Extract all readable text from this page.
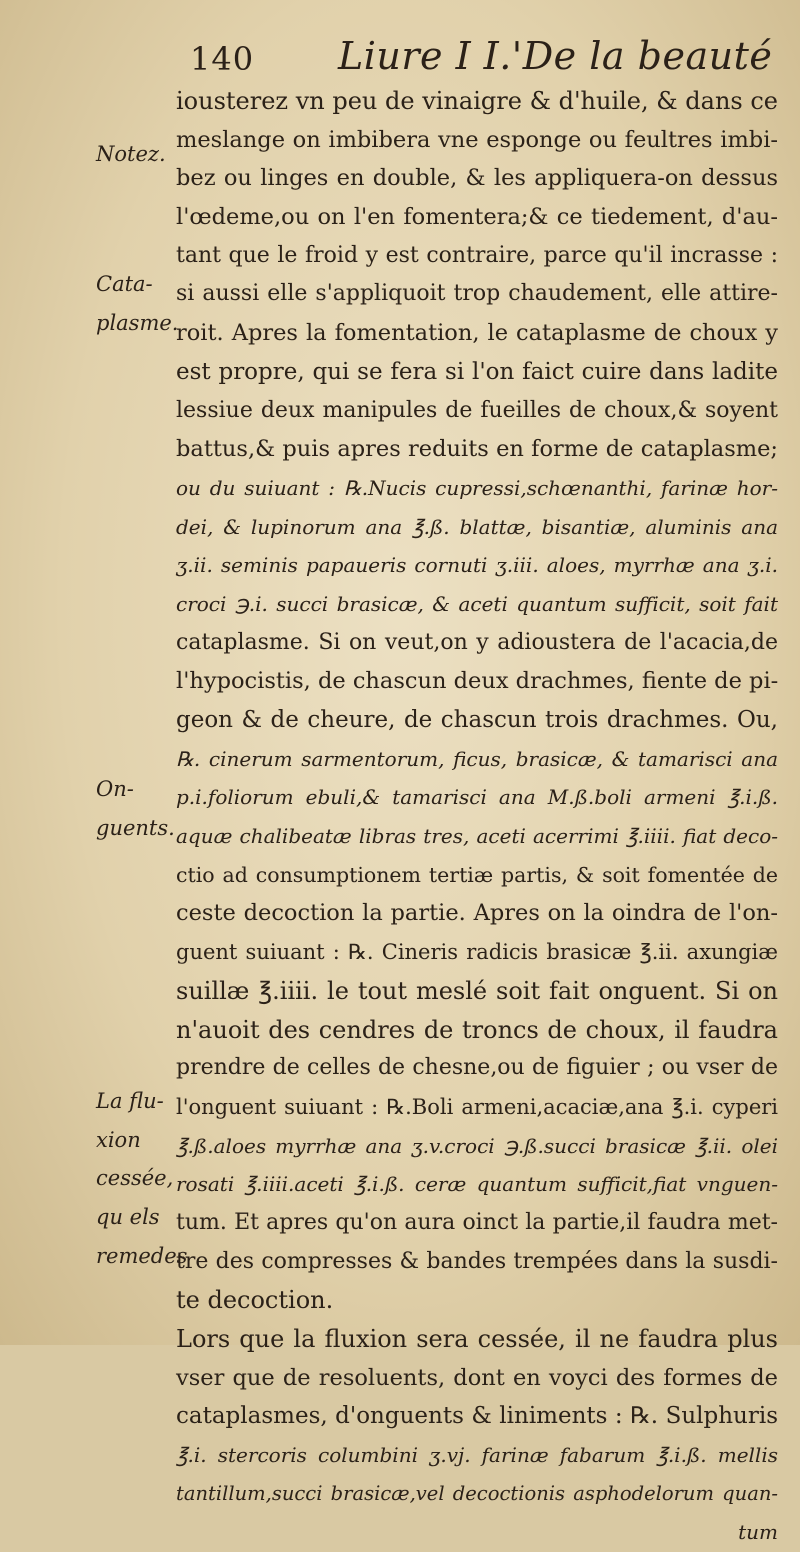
140 Liure I I.'De la beauté
Notez.
Cata-
plasme.
On-
guents.
La flu-
xion
cessée,
qu els
remedes
iousterez vn peu de vinaigre & d'huile, & dans ce
meslange on imbibera vne esponge ou feultres imbi-
bez ou linges en double, & les appliquera-on dessus
l'œdeme,ou on l'en fomentera;& ce tiedement, d'au-
tant que le froid y est contraire, parce qu'il incrasse :
si aussi elle s'appliquoit trop chaudement, elle attire-
roit. Apres la fomentation, le cataplasme de choux y
est propre, qui se fera si l'on faict cuire dans ladite
lessiue deux manipules de fueilles de choux,& soyent
battus,& puis apres reduits en forme de cataplasme;
ou du suiuant : ℞.Nucis cupressi,schœnanthi, farinæ hor-
dei, & lupinorum ana ℥.ß. blattæ, bisantiæ, aluminis ana
ʒ.ii. seminis papaueris cornuti ʒ.iii. aloes, myrrhæ ana ʒ.i.
croci ℈.i. succi brasicæ, & aceti quantum sufficit, soit fait
cataplasme. Si on veut,on y adioustera de l'acacia,de
l'hypocistis, de chascun deux drachmes, fiente de pi-
geon & de cheure, de chascun trois drachmes. Ou,
℞. cinerum sarmentorum, ficus, brasicæ, & tamarisci ana
p.i.foliorum ebuli,& tamarisci ana M.ß.boli armeni ℥.i.ß.
aquæ chalibeatæ libras tres, aceti acerrimi ℥.iiii. fiat deco-
ctio ad consumptionem tertiæ partis, & soit fomentée de
ceste decoction la partie. Apres on la oindra de l'on-
guent suiuant : ℞. Cineris radicis brasicæ ℥.ii. axungiæ
suillæ ℥.iiii. le tout meslé soit fait onguent. Si on
n'auoit des cendres de troncs de choux, il faudra
prendre de celles de chesne,ou de figuier ; ou vser de
l'onguent suiuant : ℞.Boli armeni,acaciæ,ana ℥.i. cyperi
℥.ß.aloes myrrhæ ana ʒ.v.croci ℈.ß.succi brasicæ ℥.ii. olei
rosati ℥.iiii.aceti ℥.i.ß. ceræ quantum sufficit,fiat vnguen-
tum. Et apres qu'on aura oinct la partie,il faudra met-
tre des compresses & bandes trempées dans la susdi-
te decoction.
Lors que la fluxion sera cessée, il ne faudra plus
vser que de resoluents, dont en voyci des formes de
cataplasmes, d'onguents & liniments : ℞. Sulphuris
℥.i. stercoris columbini ʒ.vj. farinæ fabarum ℥.i.ß. mellis
tantillum,succi brasicæ,vel decoctionis asphodelorum quan-
tum
